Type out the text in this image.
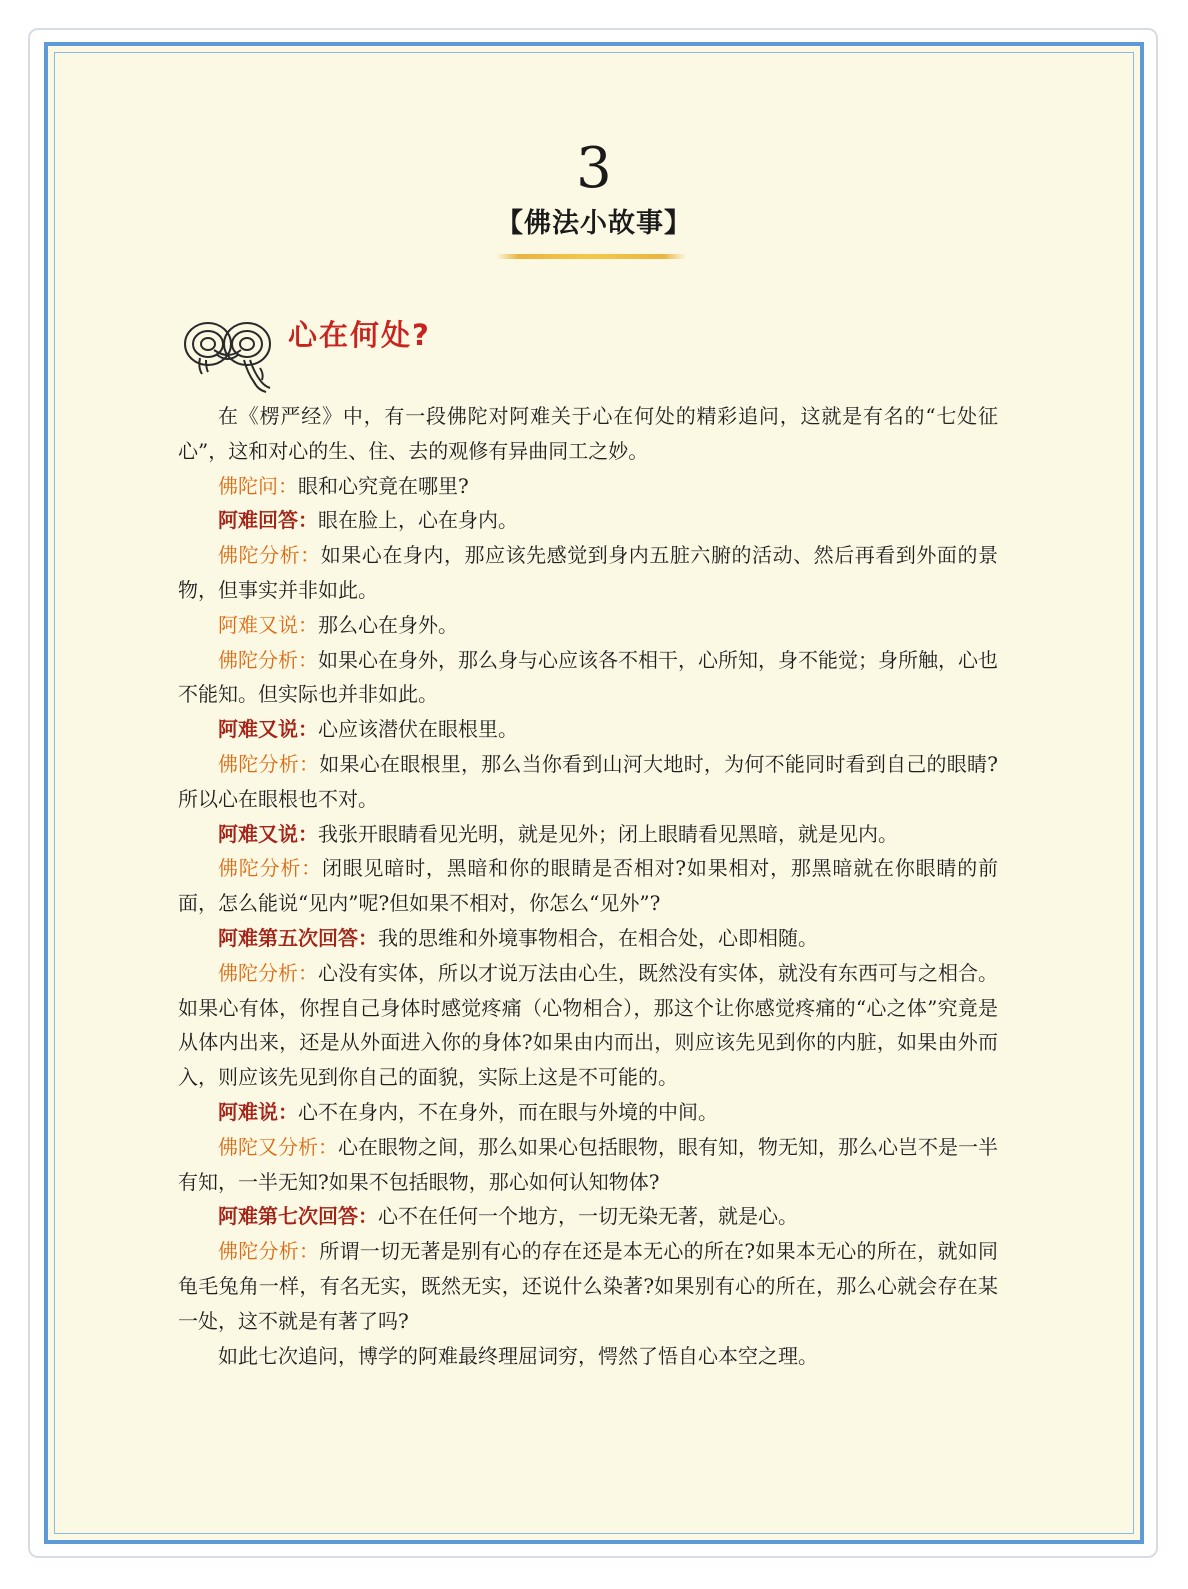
3
【佛法小故事】
心在何处?

在《楞严经》中，有一段佛陀对阿难关于心在何处的精彩追问，这就是有名的“七处征心”，这和对心的生、住、去的观修有异曲同工之妙。

佛陀问：眼和心究竟在哪里?

阿难回答：眼在脸上，心在身内。

佛陀分析：如果心在身内，那应该先感觉到身内五脏六腑的活动、然后再看到外面的景物，但事实并非如此。

阿难又说：那么心在身外。

佛陀分析：如果心在身外，那么身与心应该各不相干，心所知，身不能觉；身所触，心也不能知。但实际也并非如此。

阿难又说：心应该潜伏在眼根里。

佛陀分析：如果心在眼根里，那么当你看到山河大地时，为何不能同时看到自己的眼睛?所以心在眼根也不对。

阿难又说：我张开眼睛看见光明，就是见外；闭上眼睛看见黑暗，就是见内。

佛陀分析：闭眼见暗时，黑暗和你的眼睛是否相对?如果相对，那黑暗就在你眼睛的前面，怎么能说“见内”呢?但如果不相对，你怎么“见外”?

阿难第五次回答：我的思维和外境事物相合，在相合处，心即相随。

佛陀分析：心没有实体，所以才说万法由心生，既然没有实体，就没有东西可与之相合。如果心有体，你捏自己身体时感觉疼痛（心物相合），那这个让你感觉疼痛的“心之体”究竟是从体内出来，还是从外面进入你的身体?如果由内而出，则应该先见到你的内脏，如果由外而入，则应该先见到你自己的面貌，实际上这是不可能的。

阿难说：心不在身内，不在身外，而在眼与外境的中间。

佛陀又分析：心在眼物之间，那么如果心包括眼物，眼有知，物无知，那么心岂不是一半有知，一半无知?如果不包括眼物，那心如何认知物体?

阿难第七次回答：心不在任何一个地方，一切无染无著，就是心。

佛陀分析：所谓一切无著是别有心的存在还是本无心的所在?如果本无心的所在，就如同龟毛兔角一样，有名无实，既然无实，还说什么染著?如果别有心的所在，那么心就会存在某一处，这不就是有著了吗?

如此七次追问，博学的阿难最终理屈词穷，愕然了悟自心本空之理。
